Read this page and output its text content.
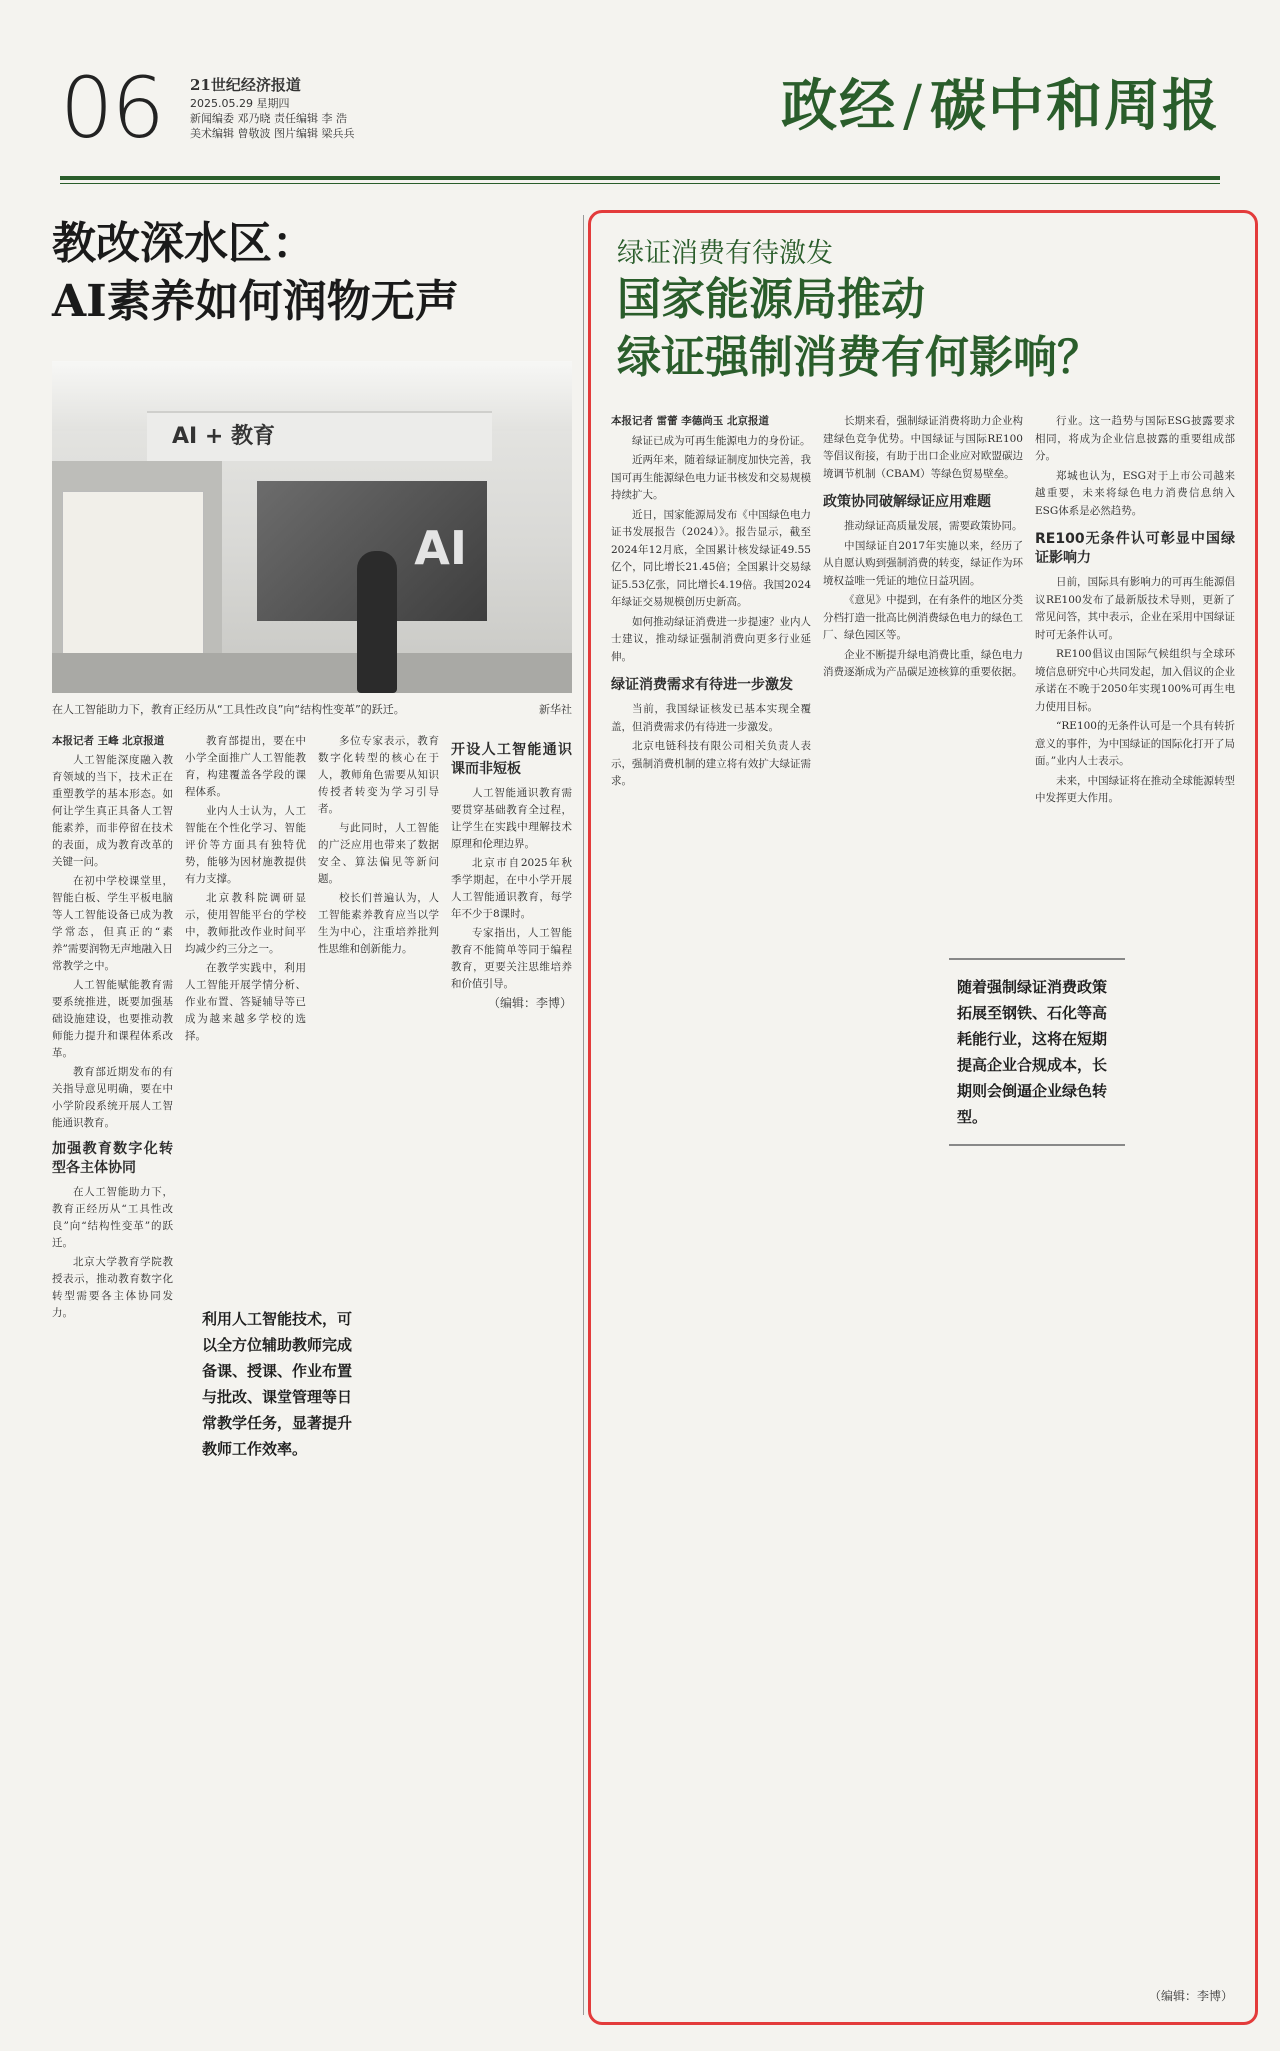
06 21世纪经济报道
2025.05.29 星期四
新闻编委 邓乃晓 责任编辑 李 浩
美术编辑 曾敬波 图片编辑 梁兵兵	政经 / 碳中和周报
教改深水区：
AI素养如何润物无声
AI + 教育
AI
在人工智能助力下，教育正经历从“工具性改良”向“结构性变革”的跃迁。	新华社

本报记者 王峰 北京报道

人工智能深度融入教育领域的当下，技术正在重塑教学的基本形态。如何让学生真正具备人工智能素养，而非停留在技术的表面，成为教育改革的关键一问。

在初中学校课堂里，智能白板、学生平板电脑等人工智能设备已成为教学常态，但真正的“素养”需要润物无声地融入日常教学之中。

人工智能赋能教育需要系统推进，既要加强基础设施建设，也要推动教师能力提升和课程体系改革。

教育部近期发布的有关指导意见明确，要在中小学阶段系统开展人工智能通识教育。

加强教育数字化转型各主体协同

在人工智能助力下，教育正经历从“工具性改良”向“结构性变革”的跃迁。

北京大学教育学院教授表示，推动教育数字化转型需要各主体协同发力。

教育部提出，要在中小学全面推广人工智能教育，构建覆盖各学段的课程体系。

业内人士认为，人工智能在个性化学习、智能评价等方面具有独特优势，能够为因材施教提供有力支撑。

北京教科院调研显示，使用智能平台的学校中，教师批改作业时间平均减少约三分之一。

在教学实践中，利用人工智能开展学情分析、作业布置、答疑辅导等已成为越来越多学校的选择。

多位专家表示，教育数字化转型的核心在于人，教师角色需要从知识传授者转变为学习引导者。

与此同时，人工智能的广泛应用也带来了数据安全、算法偏见等新问题。

校长们普遍认为，人工智能素养教育应当以学生为中心，注重培养批判性思维和创新能力。

开设人工智能通识课而非短板

人工智能通识教育需要贯穿基础教育全过程，让学生在实践中理解技术原理和伦理边界。

北京市自2025年秋季学期起，在中小学开展人工智能通识教育，每学年不少于8课时。

专家指出，人工智能教育不能简单等同于编程教育，更要关注思维培养和价值引导。

（编辑：李博）
利用人工智能技术，可以全方位辅助教师完成备课、授课、作业布置与批改、课堂管理等日常教学任务，显著提升教师工作效率。
绿证消费有待激发
国家能源局推动
绿证强制消费有何影响？

本报记者 雷蕾 李德尚玉 北京报道

绿证已成为可再生能源电力的身份证。

近两年来，随着绿证制度加快完善，我国可再生能源绿色电力证书核发和交易规模持续扩大。

近日，国家能源局发布《中国绿色电力证书发展报告（2024）》。报告显示，截至2024年12月底，全国累计核发绿证49.55亿个，同比增长21.45倍；全国累计交易绿证5.53亿张，同比增长4.19倍。我国2024年绿证交易规模创历史新高。

如何推动绿证消费进一步提速？业内人士建议，推动绿证强制消费向更多行业延伸。

绿证消费需求有待进一步激发

当前，我国绿证核发已基本实现全覆盖，但消费需求仍有待进一步激发。

北京电链科技有限公司相关负责人表示，强制消费机制的建立将有效扩大绿证需求。

长期来看，强制绿证消费将助力企业构建绿色竞争优势。中国绿证与国际RE100等倡议衔接，有助于出口企业应对欧盟碳边境调节机制（CBAM）等绿色贸易壁垒。

政策协同破解绿证应用难题

推动绿证高质量发展，需要政策协同。

中国绿证自2017年实施以来，经历了从自愿认购到强制消费的转变，绿证作为环境权益唯一凭证的地位日益巩固。

《意见》中提到，在有条件的地区分类分档打造一批高比例消费绿色电力的绿色工厂、绿色园区等。

企业不断提升绿电消费比重，绿色电力消费逐渐成为产品碳足迹核算的重要依据。

行业。这一趋势与国际ESG披露要求相同，将成为企业信息披露的重要组成部分。

郑城也认为，ESG对于上市公司越来越重要，未来将绿色电力消费信息纳入ESG体系是必然趋势。

RE100无条件认可彰显中国绿证影响力

日前，国际具有影响力的可再生能源倡议RE100发布了最新版技术导则，更新了常见问答，其中表示，企业在采用中国绿证时可无条件认可。

RE100倡议由国际气候组织与全球环境信息研究中心共同发起，加入倡议的企业承诺在不晚于2050年实现100%可再生电力使用目标。

“RE100的无条件认可是一个具有转折意义的事件，为中国绿证的国际化打开了局面。”业内人士表示。

未来，中国绿证将在推动全球能源转型中发挥更大作用。

随着强制绿证消费政策拓展至钢铁、石化等高耗能行业，这将在短期提高企业合规成本，长期则会倒逼企业绿色转型。
（编辑：李博）
